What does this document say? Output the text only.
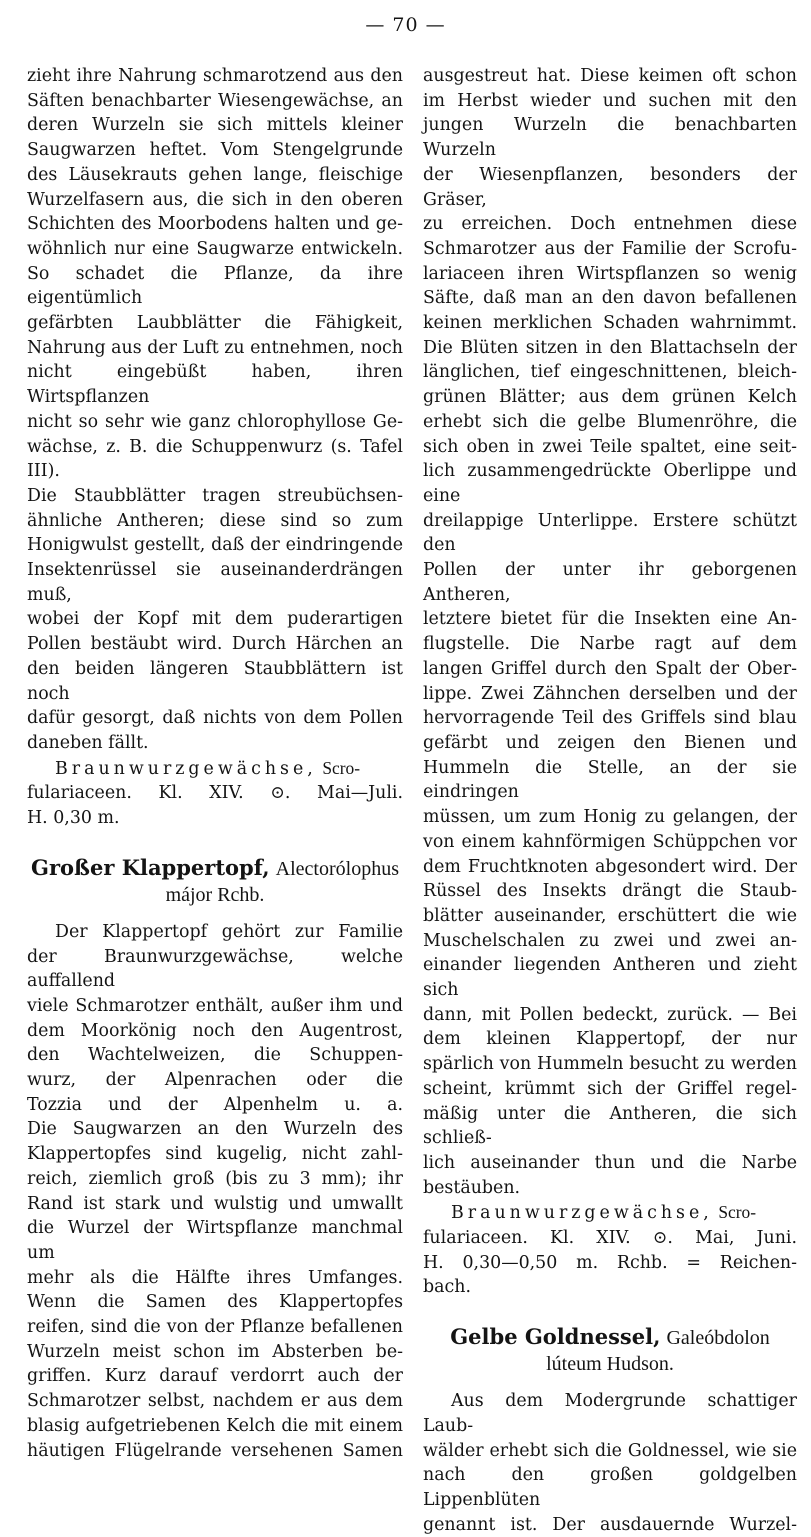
— 70 —

zieht ihre Nahrung schmarotzend aus den

Säften benachbarter Wiesengewächse, an

deren Wurzeln sie sich mittels kleiner

Saugwarzen heftet. Vom Stengelgrunde

des Läusekrauts gehen lange, fleischige

Wurzelfasern aus, die sich in den oberen

Schichten des Moorbodens halten und ge-

wöhnlich nur eine Saugwarze entwickeln.

So schadet die Pflanze, da ihre eigentümlich

gefärbten Laubblätter die Fähigkeit,

Nahrung aus der Luft zu entnehmen, noch

nicht eingebüßt haben, ihren Wirtspflanzen

nicht so sehr wie ganz chlorophyllose Ge-

wächse, z. B. die Schuppenwurz (s. Tafel III).

Die Staubblätter tragen streubüchsen-

ähnliche Antheren; diese sind so zum

Honigwulst gestellt, daß der eindringende

Insektenrüssel sie auseinanderdrängen muß,

wobei der Kopf mit dem puderartigen

Pollen bestäubt wird. Durch Härchen an

den beiden längeren Staubblättern ist noch

dafür gesorgt, daß nichts von dem Pollen

daneben fällt.

Braunwurzgewächse, Scro-

fulariaceen. Kl. XIV. ⊙. Mai—Juli.

H. 0,30 m.

Großer Klappertopf, Alectorólophus
májor Rchb.

Der Klappertopf gehört zur Familie

der Braunwurzgewächse, welche auffallend

viele Schmarotzer enthält, außer ihm und

dem Moorkönig noch den Augentrost,

den Wachtelweizen, die Schuppen-

wurz, der Alpenrachen oder die

Tozzia und der Alpenhelm u. a.

Die Saugwarzen an den Wurzeln des

Klappertopfes sind kugelig, nicht zahl-

reich, ziemlich groß (bis zu 3 mm); ihr

Rand ist stark und wulstig und umwallt

die Wurzel der Wirtspflanze manchmal um

mehr als die Hälfte ihres Umfanges.

Wenn die Samen des Klappertopfes

reifen, sind die von der Pflanze befallenen

Wurzeln meist schon im Absterben be-

griffen. Kurz darauf verdorrt auch der

Schmarotzer selbst, nachdem er aus dem

blasig aufgetriebenen Kelch die mit einem

häutigen Flügelrande versehenen Samen

ausgestreut hat. Diese keimen oft schon

im Herbst wieder und suchen mit den

jungen Wurzeln die benachbarten Wurzeln

der Wiesenpflanzen, besonders der Gräser,

zu erreichen. Doch entnehmen diese

Schmarotzer aus der Familie der Scrofu-

lariaceen ihren Wirtspflanzen so wenig

Säfte, daß man an den davon befallenen

keinen merklichen Schaden wahrnimmt.

Die Blüten sitzen in den Blattachseln der

länglichen, tief eingeschnittenen, bleich-

grünen Blätter; aus dem grünen Kelch

erhebt sich die gelbe Blumenröhre, die

sich oben in zwei Teile spaltet, eine seit-

lich zusammengedrückte Oberlippe und eine

dreilappige Unterlippe. Erstere schützt den

Pollen der unter ihr geborgenen Antheren,

letztere bietet für die Insekten eine An-

flugstelle. Die Narbe ragt auf dem

langen Griffel durch den Spalt der Ober-

lippe. Zwei Zähnchen derselben und der

hervorragende Teil des Griffels sind blau

gefärbt und zeigen den Bienen und

Hummeln die Stelle, an der sie eindringen

müssen, um zum Honig zu gelangen, der

von einem kahnförmigen Schüppchen vor

dem Fruchtknoten abgesondert wird. Der

Rüssel des Insekts drängt die Staub-

blätter auseinander, erschüttert die wie

Muschelschalen zu zwei und zwei an-

einander liegenden Antheren und zieht sich

dann, mit Pollen bedeckt, zurück. — Bei

dem kleinen Klappertopf, der nur

spärlich von Hummeln besucht zu werden

scheint, krümmt sich der Griffel regel-

mäßig unter die Antheren, die sich schließ-

lich auseinander thun und die Narbe

bestäuben.

Braunwurzgewächse, Scro-

fulariaceen. Kl. XIV. ⊙. Mai, Juni.

H. 0,30—0,50 m. Rchb. = Reichen-

bach.

Gelbe Goldnessel, Galeóbdolon
lúteum Hudson.

Aus dem Modergrunde schattiger Laub-

wälder erhebt sich die Goldnessel, wie sie

nach den großen goldgelben Lippenblüten

genannt ist. Der ausdauernde Wurzel-
